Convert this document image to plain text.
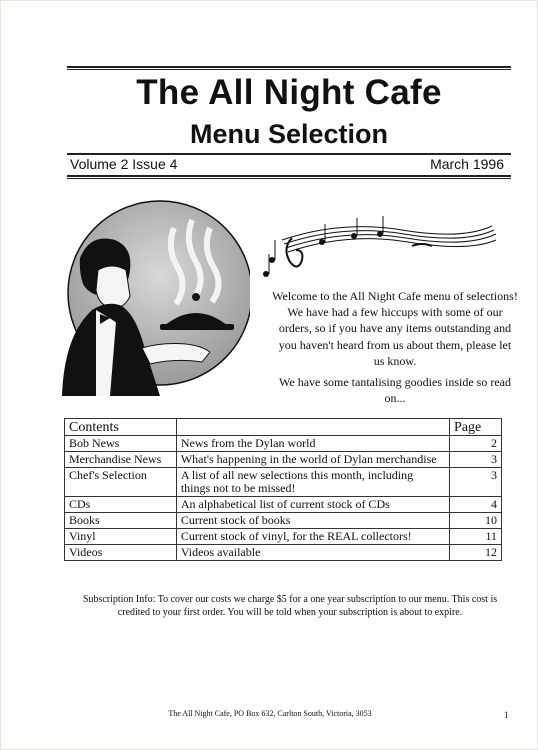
The All Night Cafe
Menu Selection
Volume 2 Issue 4	March 1996

Welcome to the All Night Cafe menu of selections! We have had a few hiccups with some of our orders, so if you have any items outstanding and you haven't heard from us about them, please let us know.

We have some tantalising goodies inside so read on...

Contents		Page
Bob News	News from the Dylan world	2
Merchandise News	What's happening in the world of Dylan merchandise	3
Chef's Selection	A list of all new selections this month, including things not to be missed!	3
CDs	An alphabetical list of current stock of CDs	4
Books	Current stock of books	10
Vinyl	Current stock of vinyl, for the REAL collectors!	11
Videos	Videos available	12
Subscription Info: To cover our costs we charge $5 for a one year subscription to our menu. This cost is credited to your first order. You will be told when your subscription is about to expire.
The All Night Cafe, PO Box 632, Carlton South, Victoria, 3053	1
